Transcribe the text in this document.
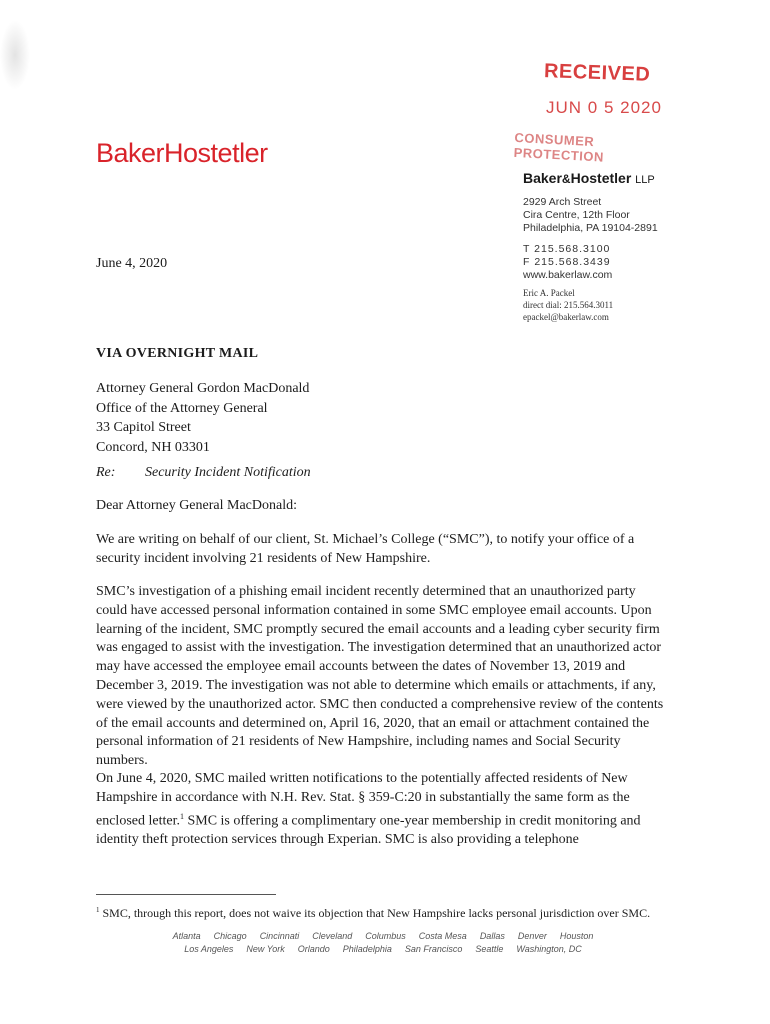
RECEIVED
JUN 0 5 2020
CONSUMER PROTECTION
BakerHostetler
Baker&Hostetler LLP
2929 Arch Street
Cira Centre, 12th Floor
Philadelphia, PA 19104-2891
T 215.568.3100
F 215.568.3439
www.bakerlaw.com
Eric A. Packel
direct dial: 215.564.3011
epackel@bakerlaw.com
June 4, 2020
VIA OVERNIGHT MAIL
Attorney General Gordon MacDonald
Office of the Attorney General
33 Capitol Street
Concord, NH 03301
Re: Security Incident Notification
Dear Attorney General MacDonald:
We are writing on behalf of our client, St. Michael’s College (“SMC”), to notify your office of a security incident involving 21 residents of New Hampshire.
SMC’s investigation of a phishing email incident recently determined that an unauthorized party could have accessed personal information contained in some SMC employee email accounts. Upon learning of the incident, SMC promptly secured the email accounts and a leading cyber security firm was engaged to assist with the investigation. The investigation determined that an unauthorized actor may have accessed the employee email accounts between the dates of November 13, 2019 and December 3, 2019. The investigation was not able to determine which emails or attachments, if any, were viewed by the unauthorized actor. SMC then conducted a comprehensive review of the contents of the email accounts and determined on, April 16, 2020, that an email or attachment contained the personal information of 21 residents of New Hampshire, including names and Social Security numbers.
On June 4, 2020, SMC mailed written notifications to the potentially affected residents of New Hampshire in accordance with N.H. Rev. Stat. § 359-C:20 in substantially the same form as the enclosed letter.$^1$ SMC is offering a complimentary one-year membership in credit monitoring and identity theft protection services through Experian. SMC is also providing a telephone
$^1$ SMC, through this report, does not waive its objection that New Hampshire lacks personal jurisdiction over SMC.
Atlanta Chicago Cincinnati Cleveland Columbus Costa Mesa Dallas Denver Houston
Los Angeles New York Orlando Philadelphia San Francisco Seattle Washington, DC
